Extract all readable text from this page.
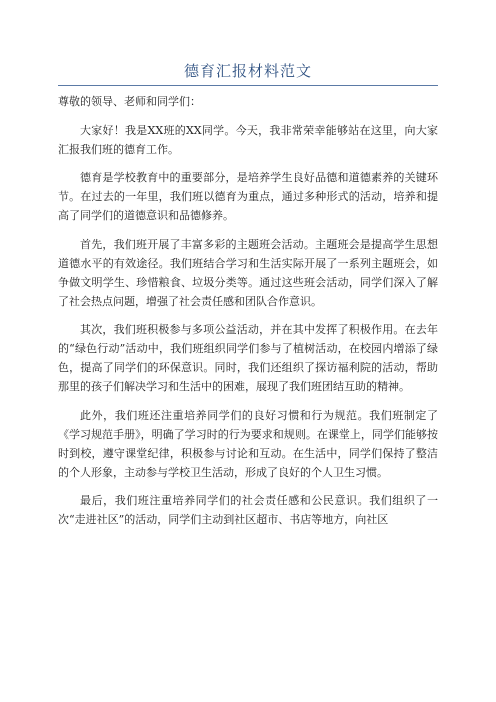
德育汇报材料范文

尊敬的领导、老师和同学们：

大家好！我是XX班的XX同学。今天，我非常荣幸能够站在这里，向大家汇报我们班的德育工作。

德育是学校教育中的重要部分，是培养学生良好品德和道德素养的关键环节。在过去的一年里，我们班以德育为重点，通过多种形式的活动，培养和提高了同学们的道德意识和品德修养。

首先，我们班开展了丰富多彩的主题班会活动。主题班会是提高学生思想道德水平的有效途径。我们班结合学习和生活实际开展了一系列主题班会，如争做文明学生、珍惜粮食、垃圾分类等。通过这些班会活动，同学们深入了解了社会热点问题，增强了社会责任感和团队合作意识。

其次，我们班积极参与多项公益活动，并在其中发挥了积极作用。在去年的“绿色行动”活动中，我们班组织同学们参与了植树活动，在校园内增添了绿色，提高了同学们的环保意识。同时，我们还组织了探访福利院的活动，帮助那里的孩子们解决学习和生活中的困难，展现了我们班团结互助的精神。

此外，我们班还注重培养同学们的良好习惯和行为规范。我们班制定了《学习规范手册》，明确了学习时的行为要求和规则。在课堂上，同学们能够按时到校，遵守课堂纪律，积极参与讨论和互动。在生活中，同学们保持了整洁的个人形象，主动参与学校卫生活动，形成了良好的个人卫生习惯。

最后，我们班注重培养同学们的社会责任感和公民意识。我们组织了一次“走进社区”的活动，同学们主动到社区超市、书店等地方，向社区
